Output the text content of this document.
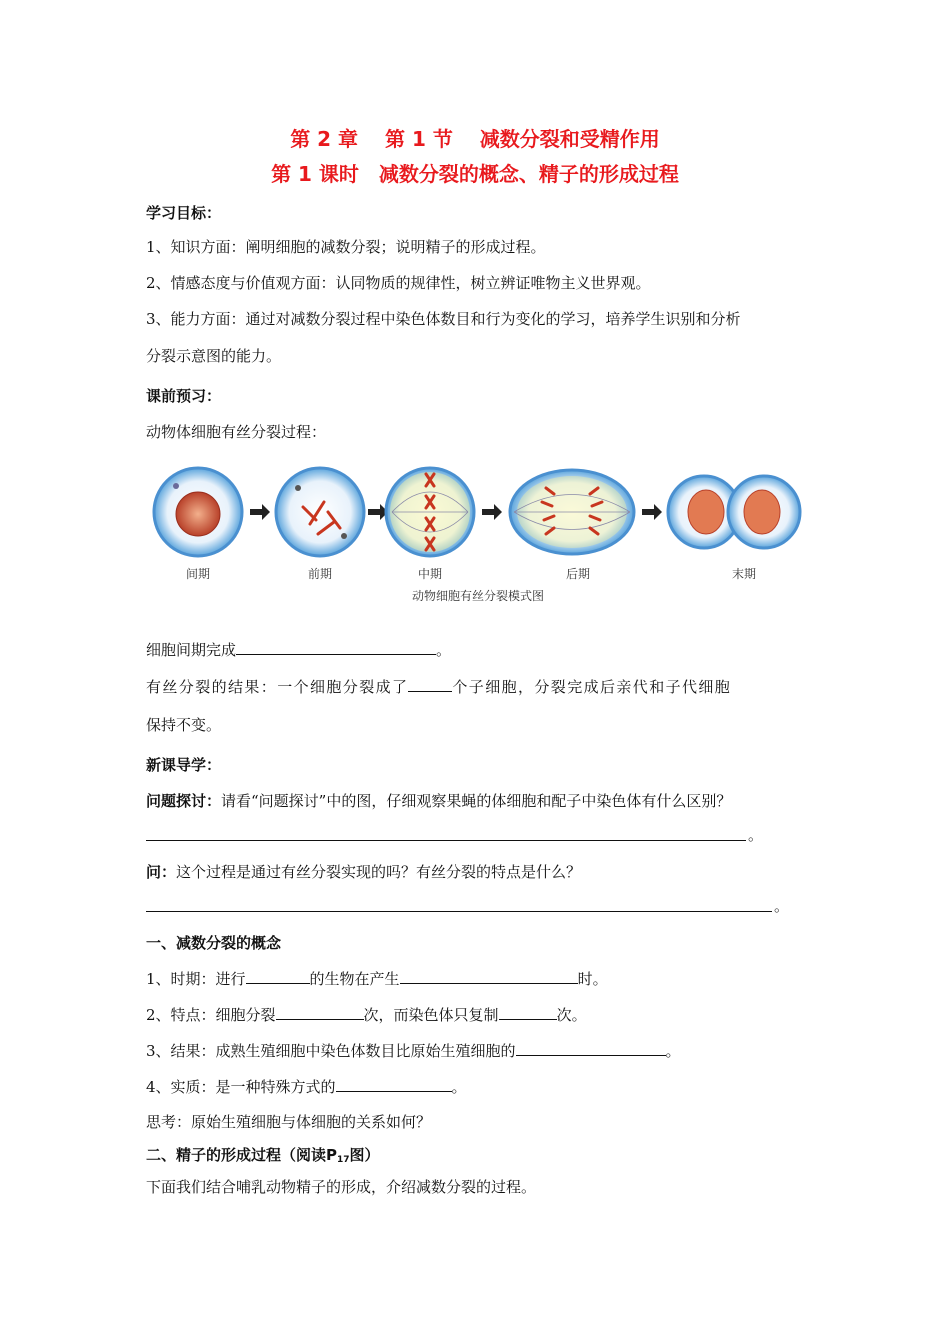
第 2 章　 第 1 节　 减数分裂和受精作用
第 1 课时　减数分裂的概念、精子的形成过程
学习目标：
1、知识方面：阐明细胞的减数分裂；说明精子的形成过程。
2、情感态度与价值观方面：认同物质的规律性，树立辨证唯物主义世界观。
3、能力方面：通过对减数分裂过程中染色体数目和行为变化的学习，培养学生识别和分析
分裂示意图的能力。
课前预习：
动物体细胞有丝分裂过程：
间期	前期	中期	后期	末期
动物细胞有丝分裂模式图
细胞间期完成	。
有丝分裂的结果：一个细胞分裂成了	个子细胞，分裂完成后亲代和子代细胞
保持不变。
新课导学：
问题探讨：请看“问题探讨”中的图，仔细观察果蝇的体细胞和配子中染色体有什么区别？
。
问：这个过程是通过有丝分裂实现的吗？有丝分裂的特点是什么？
。
一、减数分裂的概念
1、时期：进行	的生物在产生	时。
2、特点：细胞分裂	次，而染色体只复制	次。
3、结果：成熟生殖细胞中染色体数目比原始生殖细胞的	。
4、实质：是一种特殊方式的	。
思考：原始生殖细胞与体细胞的关系如何？
二、精子的形成过程（阅读$P_{17}$图）
下面我们结合哺乳动物精子的形成，介绍减数分裂的过程。
